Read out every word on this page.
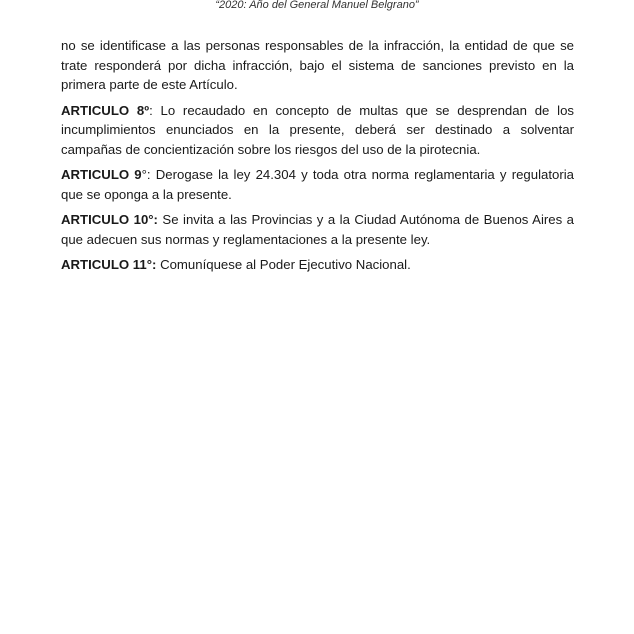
“2020: Año del General Manuel Belgrano”

no se identificase a las personas responsables de la infracción, la entidad de que se trate responderá por dicha infracción, bajo el sistema de sanciones previsto en la primera parte de este Artículo.

ARTICULO 8º: Lo recaudado en concepto de multas que se desprendan de los incumplimientos enunciados en la presente, deberá ser destinado a solventar campañas de concientización sobre los riesgos del uso de la pirotecnia.

ARTICULO 9°: Derogase la ley 24.304 y toda otra norma reglamentaria y regulatoria que se oponga a la presente.

ARTICULO 10°: Se invita a las Provincias y a la Ciudad Autónoma de Buenos Aires a que adecuen sus normas y reglamentaciones a la presente ley.

ARTICULO 11°: Comuníquese al Poder Ejecutivo Nacional.
